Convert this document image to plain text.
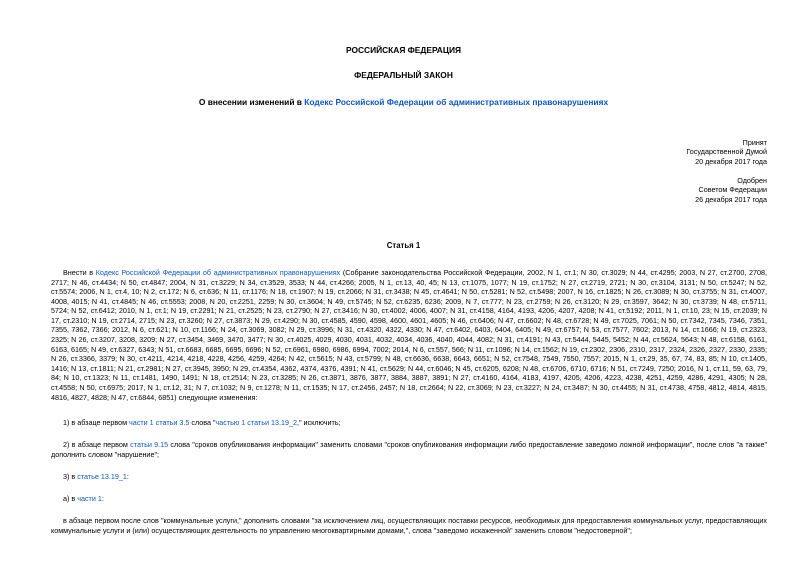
РОССИЙСКАЯ ФЕДЕРАЦИЯ
ФЕДЕРАЛЬНЫЙ ЗАКОН
О внесении изменений в Кодекс Российской Федерации об административных правонарушениях
Принят
Государственной Думой
20 декабря 2017 года
Одобрен
Советом Федерации
26 декабря 2017 года
Статья 1
Внести в Кодекс Российской Федерации об административных правонарушениях (Собрание законодательства Российской Федерации, 2002, N 1, ст.1; N 30, ст.3029; N 44, ст.4295; 2003, N 27, ст.2700, 2708, 2717; N 46, ст.4434; N 50, ст.4847; 2004, N 31, ст.3229; N 34, ст.3529, 3533; N 44, ст.4266; 2005, N 1, ст.13, 40, 45; N 13, ст.1075, 1077; N 19, ст.1752; N 27, ст.2719, 2721; N 30, ст.3104, 3131; N 50, ст.5247; N 52, ст.5574; 2006, N 1, ст.4, 10; N 2, ст.172; N 6, ст.636; N 11, ст.1176; N 18, ст.1907; N 19, ст.2066; N 31, ст.3438; N 45, ст.4641; N 50, ст.5281; N 52, ст.5498; 2007, N 16, ст.1825; N 26, ст.3089; N 30, ст.3755; N 31, ст.4007, 4008, 4015; N 41, ст.4845; N 46, ст.5553; 2008, N 20, ст.2251, 2259; N 30, ст.3604; N 49, ст.5745; N 52, ст.6235, 6236; 2009, N 7, ст.777; N 23, ст.2759; N 26, ст.3120; N 29, ст.3597, 3642; N 30, ст.3739; N 48, ст.5711, 5724; N 52, ст.6412; 2010, N 1, ст.1; N 19, ст.2291; N 21, ст.2525; N 23, ст.2790; N 27, ст.3416; N 30, ст.4002, 4006, 4007; N 31, ст.4158, 4164, 4193, 4206, 4207, 4208; N 41, ст.5192; 2011, N 1, ст.10, 23; N 15, ст.2039; N 17, ст.2310; N 19, ст.2714, 2715; N 23, ст.3260; N 27, ст.3873; N 29, ст.4290; N 30, ст.4585, 4590, 4598, 4600, 4601, 4605; N 46, ст.6406; N 47, ст.6602; N 48, ст.6728; N 49, ст.7025, 7061; N 50, ст.7342, 7345, 7346, 7351, 7355, 7362, 7366; 2012, N 6, ст.621; N 10, ст.1166; N 24, ст.3069, 3082; N 29, ст.3996; N 31, ст.4320, 4322, 4330; N 47, ст.6402, 6403, 6404, 6405; N 49, ст.6757; N 53, ст.7577, 7602; 2013, N 14, ст.1666; N 19, ст.2323, 2325; N 26, ст.3207, 3208, 3209; N 27, ст.3454, 3469, 3470, 3477; N 30, ст.4025, 4029, 4030, 4031, 4032, 4034, 4036, 4040, 4044, 4082; N 31, ст.4191; N 43, ст.5444, 5445, 5452; N 44, ст.5624, 5643; N 48, ст.6158, 6161, 6163, 6165; N 49, ст.6327, 6343; N 51, ст.6683, 6685, 6695, 6696; N 52, ст.6961, 6980, 6986, 6994, 7002; 2014, N 6, ст.557, 566; N 11, ст.1096; N 14, ст.1562; N 19, ст.2302, 2306, 2310, 2317, 2324, 2326, 2327, 2330, 2335; N 26, ст.3366, 3379; N 30, ст.4211, 4214, 4218, 4228, 4256, 4259, 4264; N 42, ст.5615; N 43, ст.5799; N 48, ст.6636, 6638, 6643, 6651; N 52, ст.7548, 7549, 7550, 7557; 2015, N 1, ст.29, 35, 67, 74, 83, 85; N 10, ст.1405, 1416; N 13, ст.1811; N 21, ст.2981; N 27, ст.3945, 3950; N 29, ст.4354, 4362, 4374, 4376, 4391; N 41, ст.5629; N 44, ст.6046; N 45, ст.6205, 6208; N 48, ст.6706, 6710, 6716; N 51, ст.7249, 7250; 2016, N 1, ст.11, 59, 63, 79, 84; N 10, ст.1323; N 11, ст.1481, 1490, 1491; N 18, ст.2514; N 23, ст.3285; N 26, ст.3871, 3876, 3877, 3884, 3887, 3891; N 27, ст.4160, 4164, 4183, 4197, 4205, 4206, 4223, 4238, 4251, 4259, 4286, 4291, 4305; N 28, ст.4558; N 50, ст.6975; 2017, N 1, ст.12, 31; N 7, ст.1032; N 9, ст.1278; N 11, ст.1535; N 17, ст.2456, 2457; N 18, ст.2664; N 22, ст.3069; N 23, ст.3227; N 24, ст.3487; N 30, ст.4455; N 31, ст.4738, 4758, 4812, 4814, 4815, 4816, 4827, 4828; N 47, ст.6844, 6851) следующие изменения:
1) в абзаце первом части 1 статьи 3.5 слова "частью 1 статьи 13.19_2," исключить;
2) в абзаце первом статьи 9.15 слова "сроков опубликования информации" заменить словами "сроков опубликования информации либо предоставление заведомо ложной информации", после слов "а также" дополнить словом "нарушение";
3) в статье 13.19_1:
а) в части 1:
в абзаце первом после слов "коммунальные услуги," дополнить словами "за исключением лиц, осуществляющих поставки ресурсов, необходимых для предоставления коммунальных услуг, предоставляющих коммунальные услуги и (или) осуществляющих деятельность по управлению многоквартирными домами,", слова "заведомо искаженной" заменить словом "недостоверной";
